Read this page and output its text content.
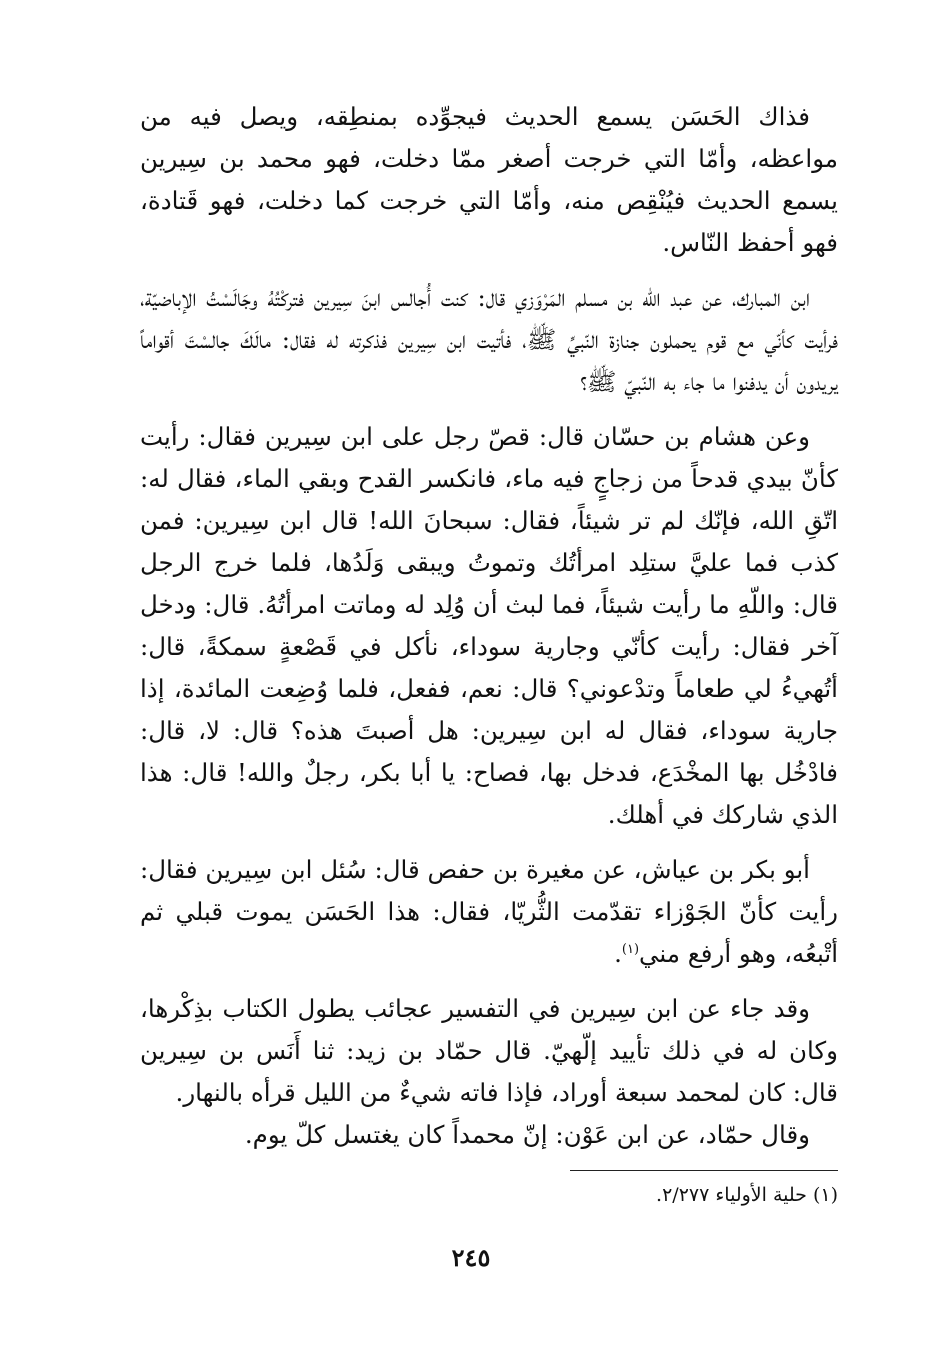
فذاك الحَسَن يسمع الحديث فيجوِّده بمنطِقه، ويصل فيه من مواعظه، وأمّا التي خرجت أصغر ممّا دخلت، فهو محمد بن سِيرين يسمع الحديث فيُنْقِص منه، وأمّا التي خرجت كما دخلت، فهو قَتادة، فهو أحفظ النّاس.

ابن المبارك، عن عبد الله بن مسلم المَرْوَزي قال: كنت أُجالس ابنَ سِيرين فتركْتُهُ وجَالَسْتُ الإباضيّة، فرأيت كأنّي مع قوم يحملون جنازة النّبيِّ ﷺ، فأتيت ابن سِيرين فذكرته له فقال: مالَكَ جالسْتَ أقواماً يريدون أن يدفنوا ما جاء به النّبيّ ﷺ؟

وعن هشام بن حسّان قال: قصّ رجل على ابن سِيرين فقال: رأيت كأنّ بيدي قدحاً من زجاجٍ فيه ماء، فانكسر القدح وبقي الماء، فقال له: اتّقِ الله، فإنّك لم تر شيئاً، فقال: سبحانَ الله! قال ابن سِيرين: فمن كذب فما عليَّ ستلِد امرأتُك وتموتُ ويبقى وَلَدُها، فلما خرج الرجل قال: واللّهِ ما رأيت شيئاً، فما لبث أن وُلِد له وماتت امرأتُهُ. قال: ودخل آخر فقال: رأيت كأنّي وجارية سوداء، نأكل في قَصْعةٍ سمكةً، قال: أتُهيءُ لي طعاماً وتدْعوني؟ قال: نعم، ففعل، فلما وُضِعت المائدة، إذا جارية سوداء، فقال له ابن سِيرين: هل أصبتَ هذه؟ قال: لا، قال: فادْخُل بها المخْدَع، فدخل بها، فصاح: يا أبا بكر، رجلٌ والله! قال: هذا الذي شاركك في أهلك.

أبو بكر بن عياش، عن مغيرة بن حفص قال: سُئل ابن سِيرين فقال: رأيت كأنّ الجَوْزاء تقدّمت الثُّريّا، فقال: هذا الحَسَن يموت قبلي ثم أتْبعُه، وهو أرفع مني$^{(١)}$.

وقد جاء عن ابن سِيرين في التفسير عجائب يطول الكتاب بذِكْرها، وكان له في ذلك تأييد إلّهيّ. قال حمّاد بن زيد: ثنا أَنَس بن سِيرين قال: كان لمحمد سبعة أوراد، فإذا فاته شيءٌ من الليل قرأه بالنهار.

وقال حمّاد، عن ابن عَوْن: إنّ محمداً كان يغتسل كلّ يوم.

(١) حلية الأولياء ٢/٢٧٧.
٢٤٥
